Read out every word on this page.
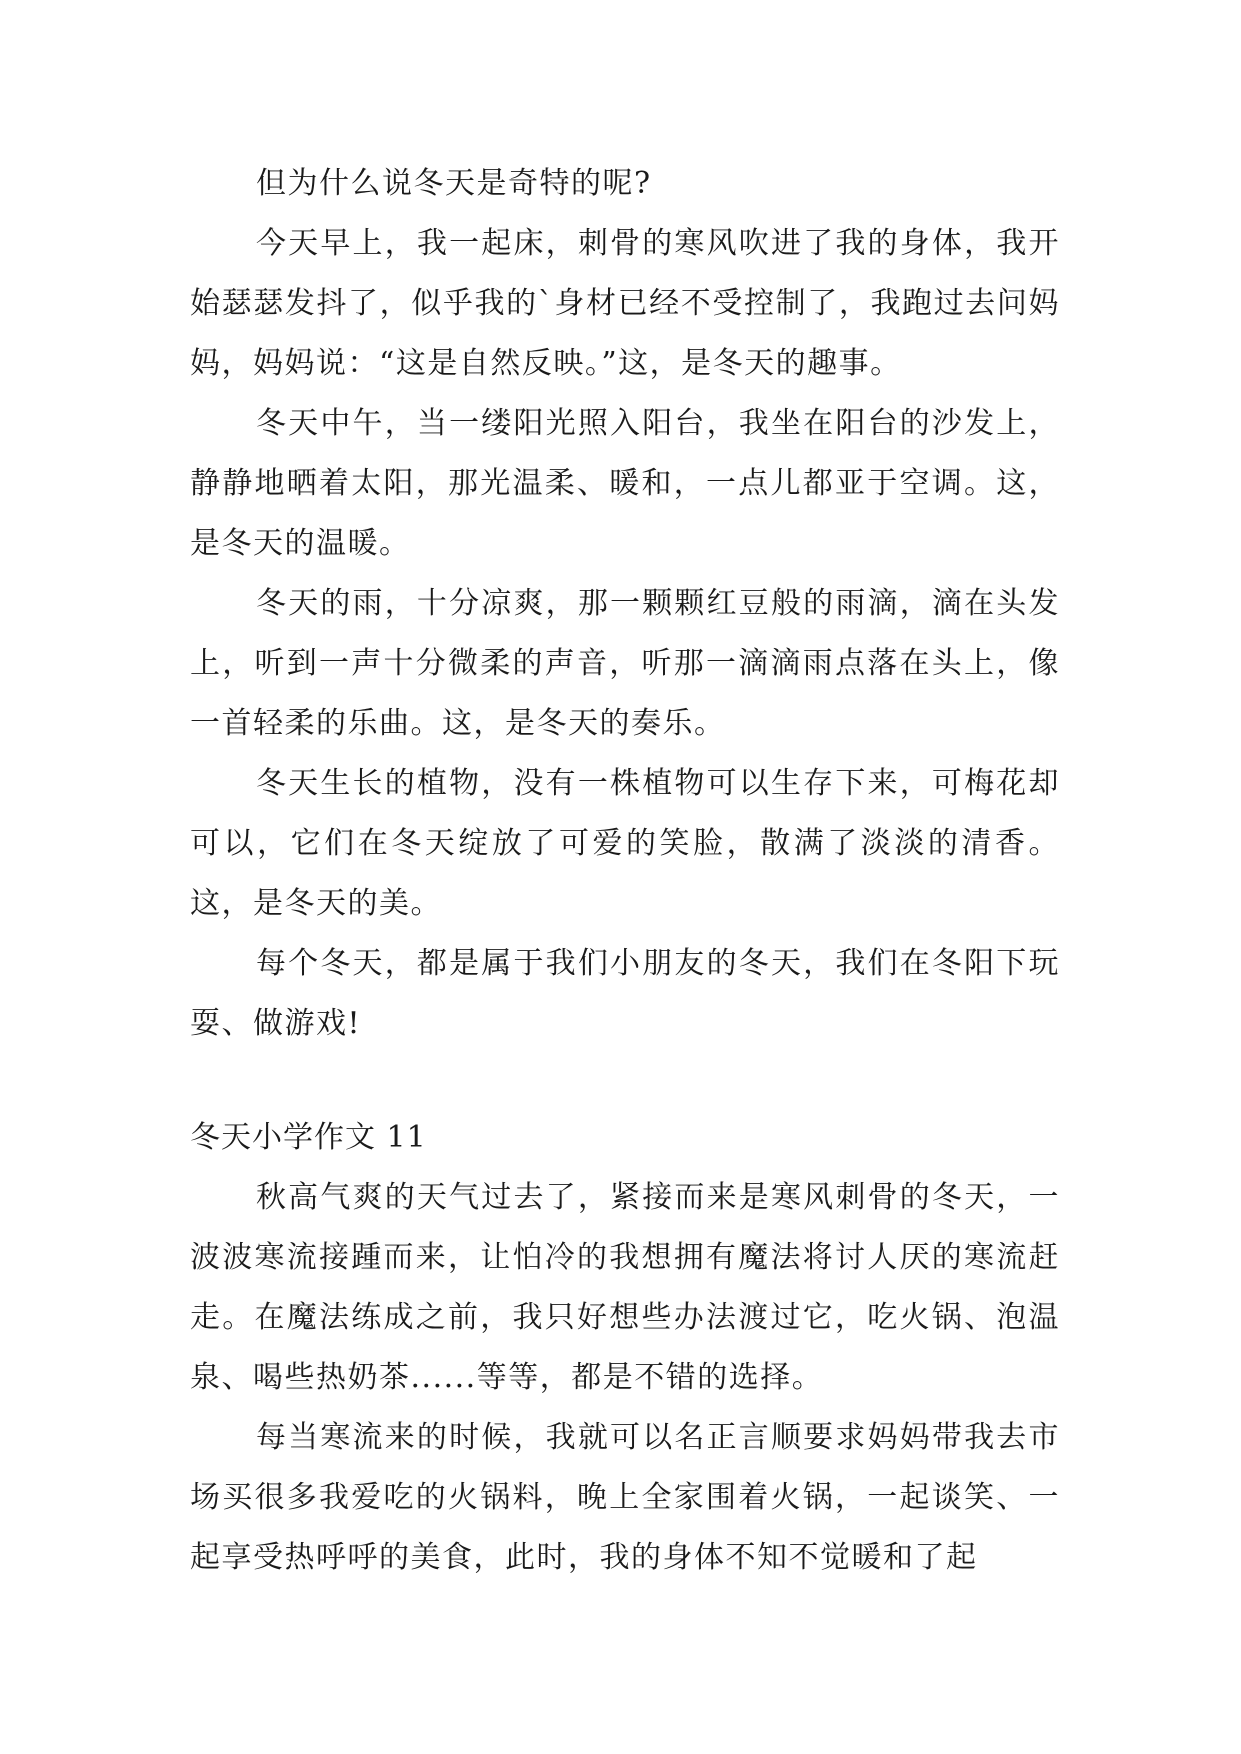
但为什么说冬天是奇特的呢?

今天早上，我一起床，刺骨的寒风吹进了我的身体，我开始瑟瑟发抖了，似乎我的`身材已经不受控制了，我跑过去问妈妈，妈妈说：“这是自然反映。”这，是冬天的趣事。

冬天中午，当一缕阳光照入阳台，我坐在阳台的沙发上，静静地晒着太阳，那光温柔、暖和，一点儿都亚于空调。这，是冬天的温暖。

冬天的雨，十分凉爽，那一颗颗红豆般的雨滴，滴在头发上，听到一声十分微柔的声音，听那一滴滴雨点落在头上，像一首轻柔的乐曲。这，是冬天的奏乐。

冬天生长的植物，没有一株植物可以生存下来，可梅花却可以，它们在冬天绽放了可爱的笑脸，散满了淡淡的清香。这，是冬天的美。

每个冬天，都是属于我们小朋友的冬天，我们在冬阳下玩耍、做游戏!

冬天小学作文 11

秋高气爽的天气过去了，紧接而来是寒风刺骨的冬天，一波波寒流接踵而来，让怕冷的我想拥有魔法将讨人厌的寒流赶走。在魔法练成之前，我只好想些办法渡过它，吃火锅、泡温泉、喝些热奶茶......等等，都是不错的选择。

每当寒流来的时候，我就可以名正言顺要求妈妈带我去市场买很多我爱吃的火锅料，晚上全家围着火锅，一起谈笑、一起享受热呼呼的美食，此时，我的身体不知不觉暖和了起
